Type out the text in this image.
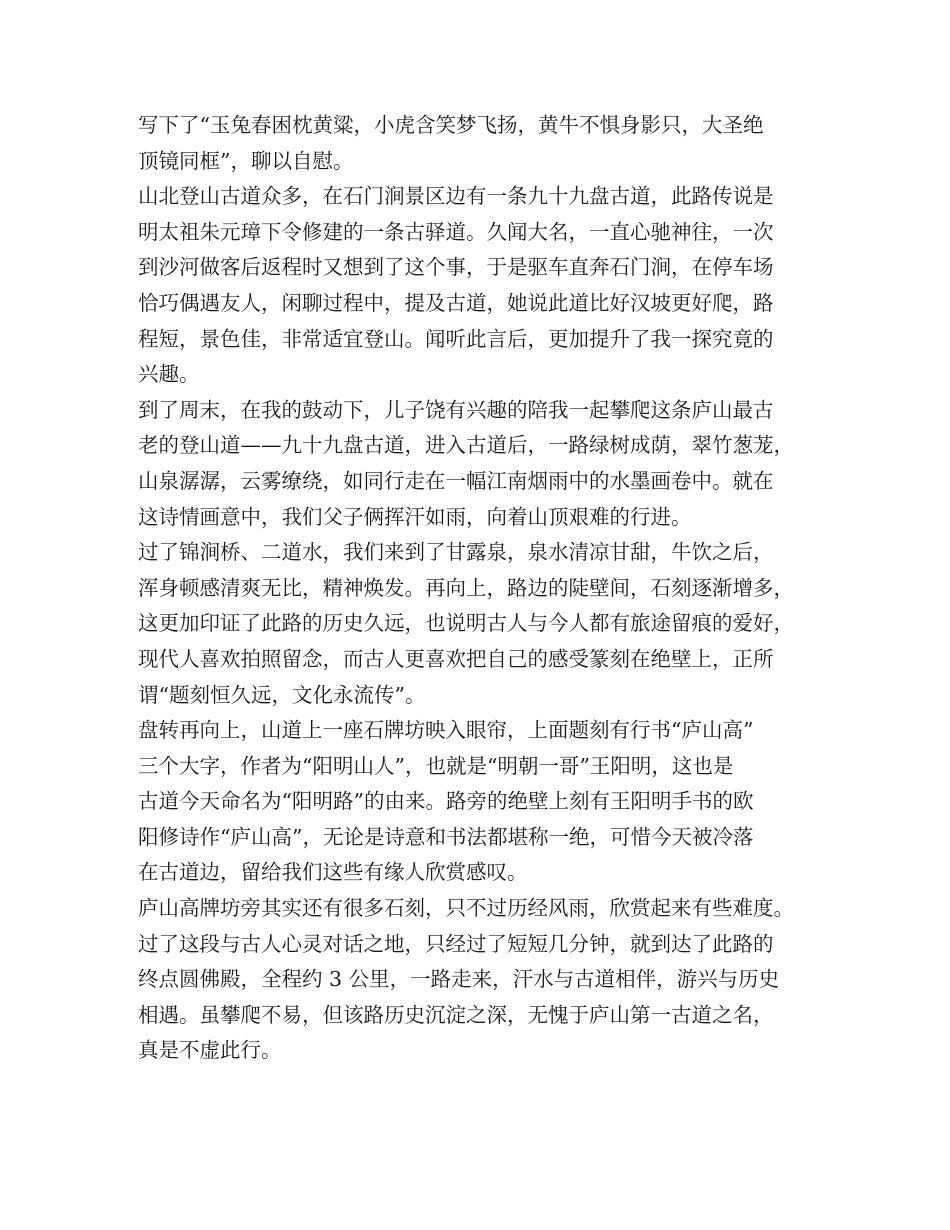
写下了“玉兔春困枕黄粱，小虎含笑梦飞扬，黄牛不惧身影只，大圣绝
顶镜同框”，聊以自慰。
山北登山古道众多，在石门涧景区边有一条九十九盘古道，此路传说是
明太祖朱元璋下令修建的一条古驿道。久闻大名，一直心驰神往，一次
到沙河做客后返程时又想到了这个事，于是驱车直奔石门涧，在停车场
恰巧偶遇友人，闲聊过程中，提及古道，她说此道比好汉坡更好爬，路
程短，景色佳，非常适宜登山。闻听此言后，更加提升了我一探究竟的
兴趣。
到了周末，在我的鼓动下，儿子饶有兴趣的陪我一起攀爬这条庐山最古
老的登山道——九十九盘古道，进入古道后，一路绿树成荫，翠竹葱茏，
山泉潺潺，云雾缭绕，如同行走在一幅江南烟雨中的水墨画卷中。就在
这诗情画意中，我们父子俩挥汗如雨，向着山顶艰难的行进。
过了锦涧桥、二道水，我们来到了甘露泉，泉水清凉甘甜，牛饮之后，
浑身顿感清爽无比，精神焕发。再向上，路边的陡壁间，石刻逐渐增多，
这更加印证了此路的历史久远，也说明古人与今人都有旅途留痕的爱好，
现代人喜欢拍照留念，而古人更喜欢把自己的感受篆刻在绝壁上，正所
谓“题刻恒久远，文化永流传”。
盘转再向上，山道上一座石牌坊映入眼帘，上面题刻有行书“庐山高”
三个大字，作者为“阳明山人”，也就是“明朝一哥”王阳明，这也是
古道今天命名为“阳明路”的由来。路旁的绝壁上刻有王阳明手书的欧
阳修诗作“庐山高”，无论是诗意和书法都堪称一绝，可惜今天被冷落
在古道边，留给我们这些有缘人欣赏感叹。
庐山高牌坊旁其实还有很多石刻，只不过历经风雨，欣赏起来有些难度。
过了这段与古人心灵对话之地，只经过了短短几分钟，就到达了此路的
终点圆佛殿，全程约 3 公里，一路走来，汗水与古道相伴，游兴与历史
相遇。虽攀爬不易，但该路历史沉淀之深，无愧于庐山第一古道之名，
真是不虚此行。
